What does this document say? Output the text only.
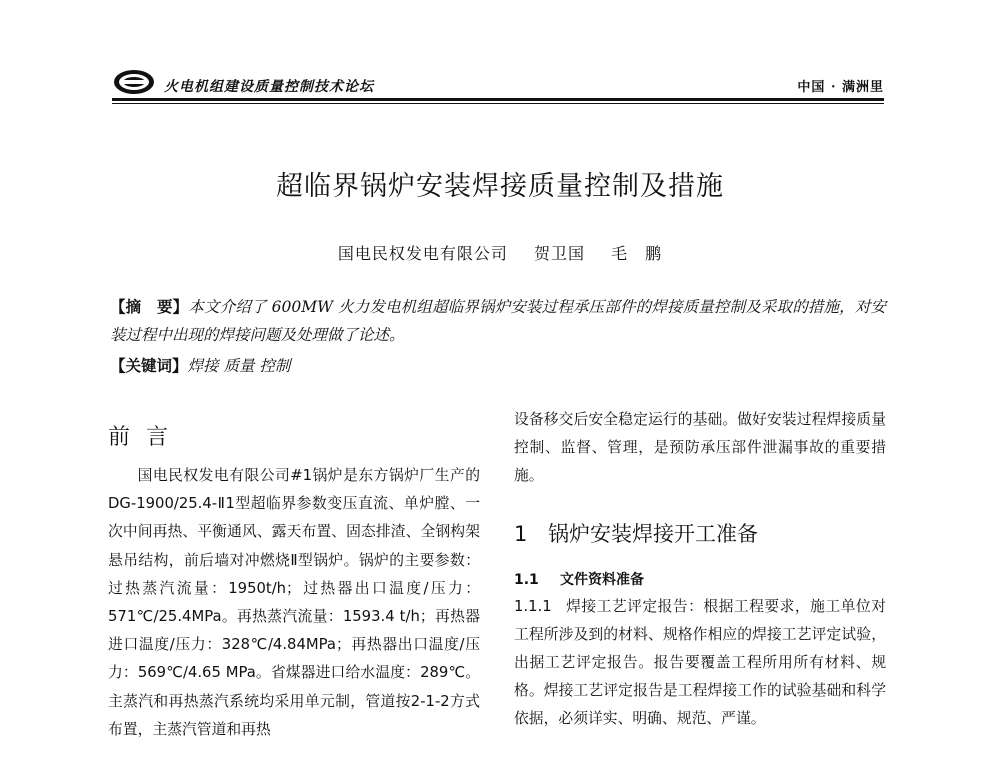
火电机组建设质量控制技术论坛	中国 · 满洲里
超临界锅炉安装焊接质量控制及措施
国电民权发电有限公司 贺卫国 毛　鹏
【摘　要】本文介绍了 600MW 火力发电机组超临界锅炉安装过程承压部件的焊接质量控制及采取的措施，对安装过程中出现的焊接问题及处理做了论述。
【关键词】焊接 质量 控制
前言

国电民权发电有限公司#1锅炉是东方锅炉厂生产的DG-1900/25.4-Ⅱ1型超临界参数变压直流、单炉膛、一次中间再热、平衡通风、露天布置、固态排渣、全钢构架悬吊结构，前后墙对冲燃烧Ⅱ型锅炉。锅炉的主要参数：过热蒸汽流量：1950t/h；过热器出口温度/压力：571℃/25.4MPa。再热蒸汽流量：1593.4 t/h；再热器进口温度/压力：328℃/4.84MPa；再热器出口温度/压力：569℃/4.65 MPa。省煤器进口给水温度：289℃。主蒸汽和再热蒸汽系统均采用单元制，管道按2-1-2方式布置，主蒸汽管道和再热

设备移交后安全稳定运行的基础。做好安装过程焊接质量控制、监督、管理，是预防承压部件泄漏事故的重要措施。

1 锅炉安装焊接开工准备
1.1 文件资料准备

1.1.1 焊接工艺评定报告：根据工程要求，施工单位对工程所涉及到的材料、规格作相应的焊接工艺评定试验，出据工艺评定报告。报告要覆盖工程所用所有材料、规格。焊接工艺评定报告是工程焊接工作的试验基础和科学依据，必须详实、明确、规范、严谨。
